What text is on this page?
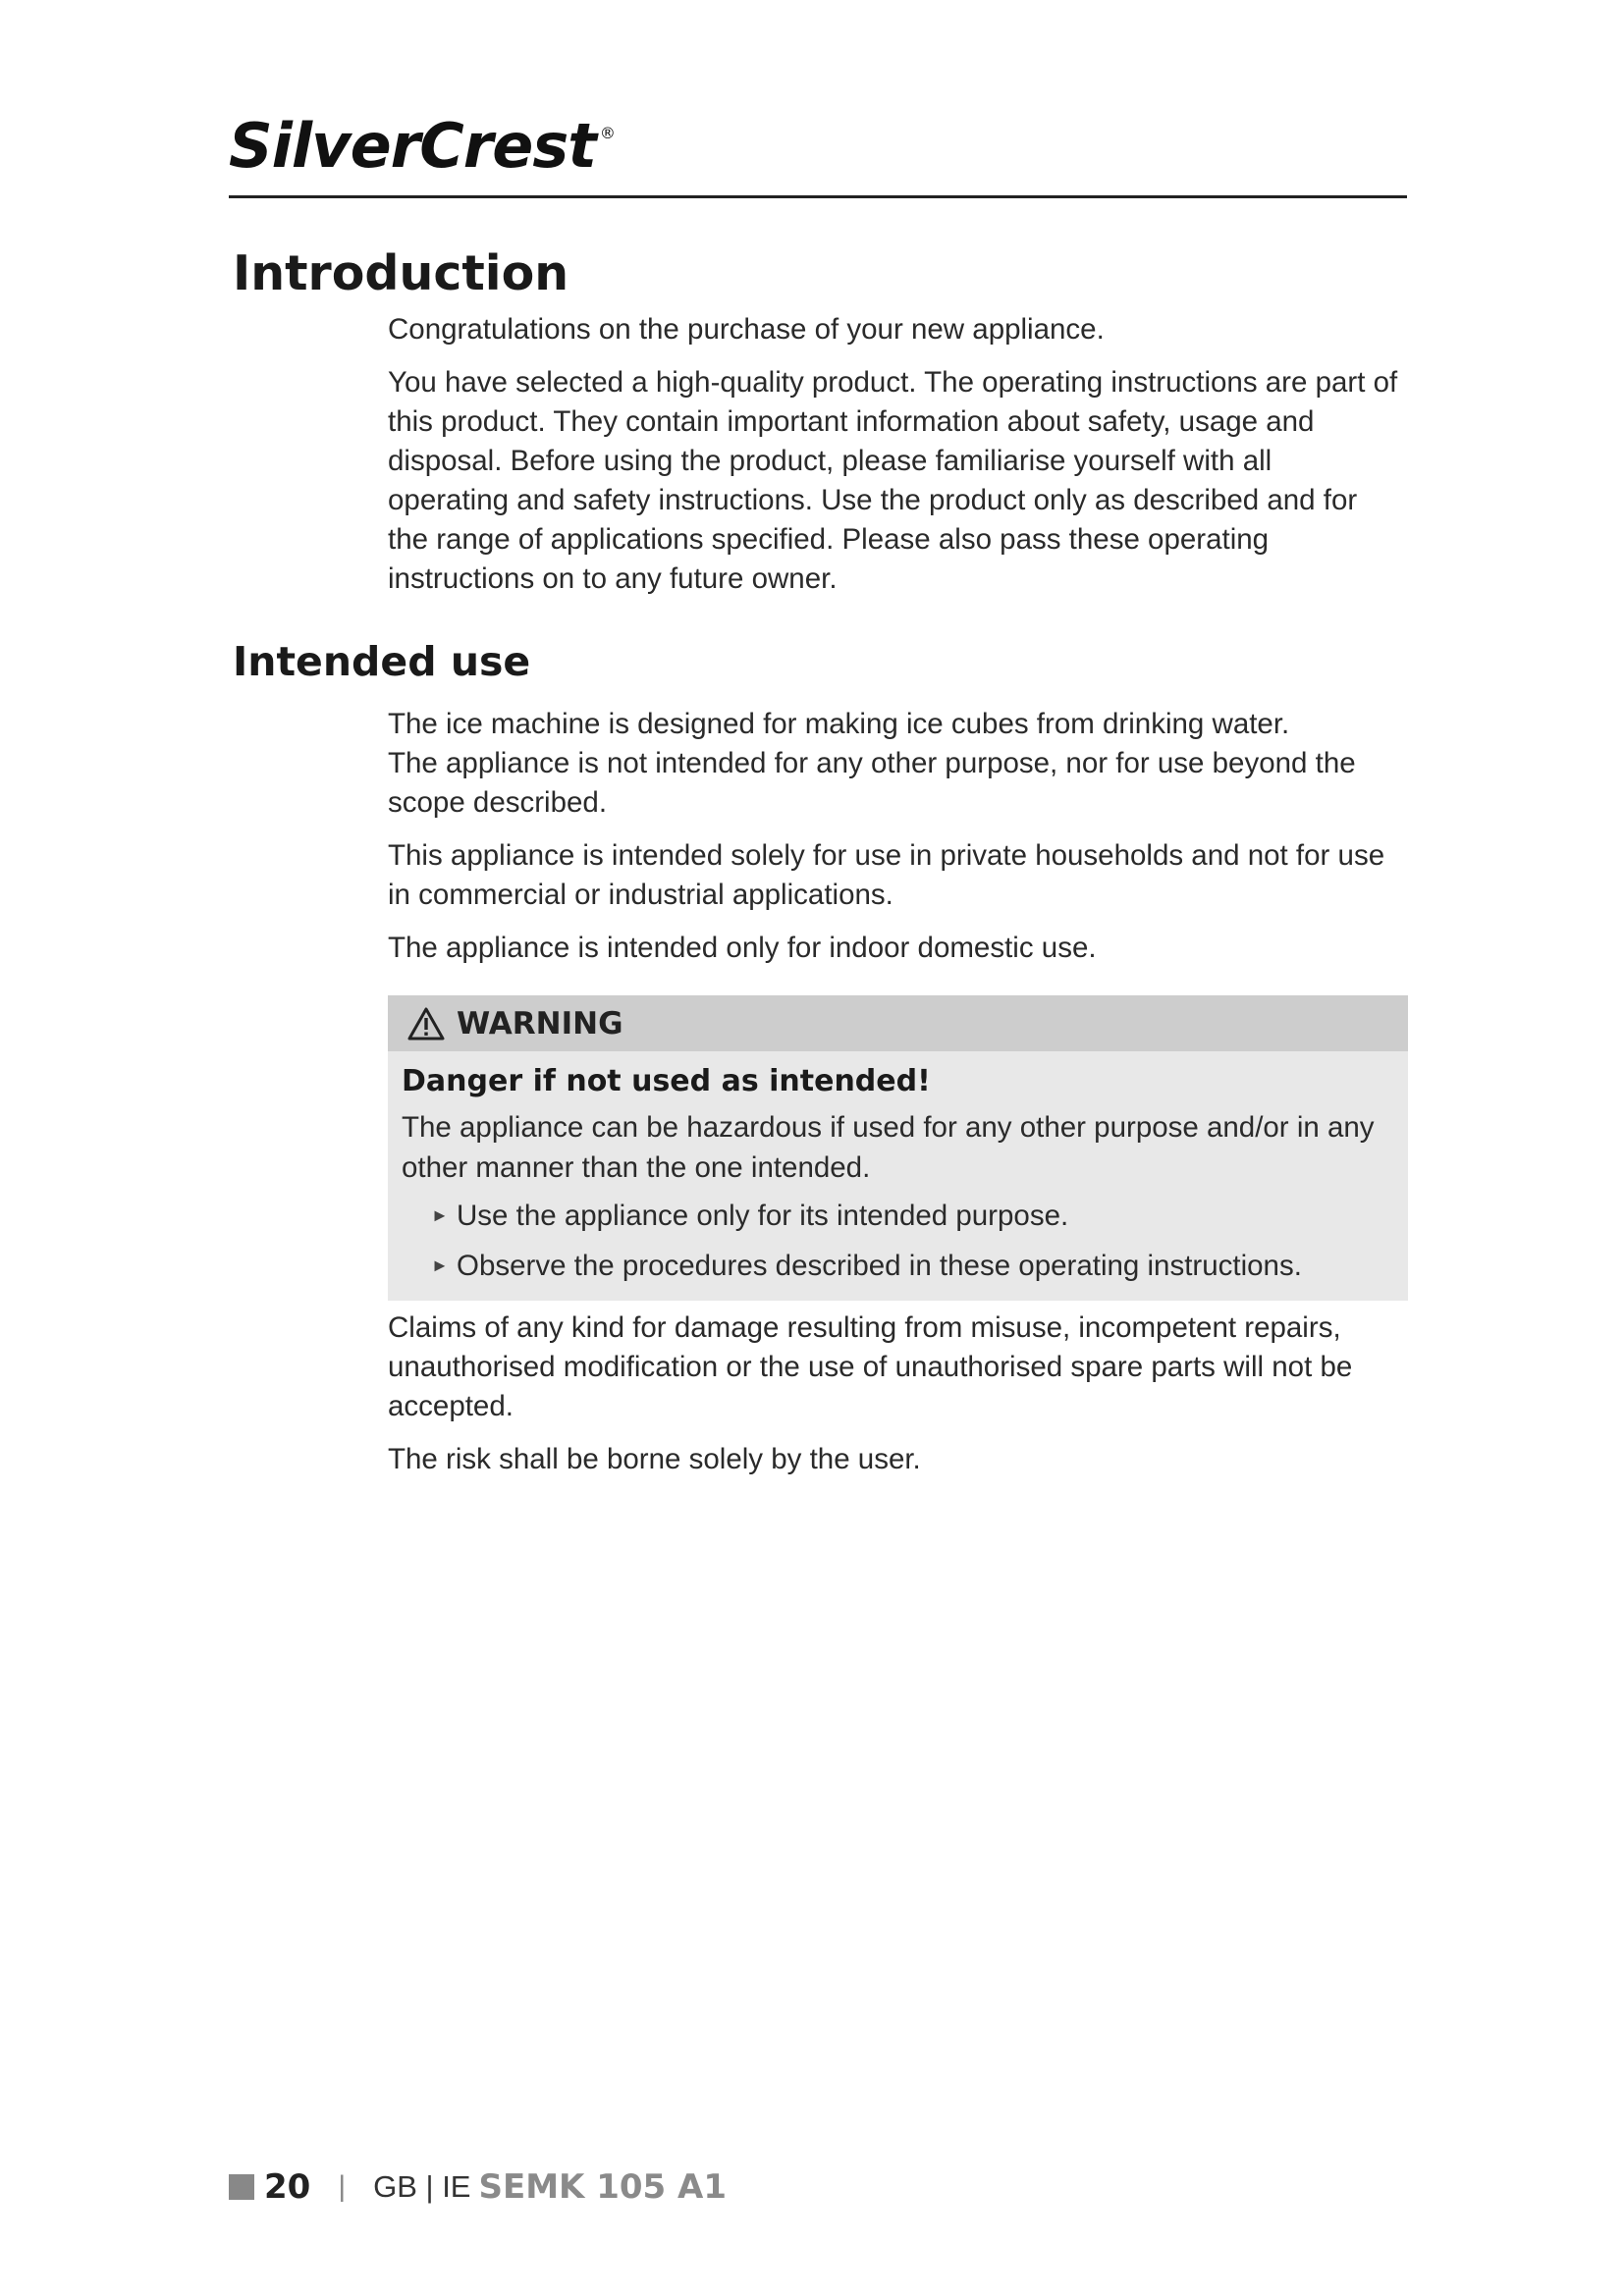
SilverCrest ®
Introduction

Congratulations on the purchase of your new appliance.

You have selected a high-quality product. The operating instructions are part of this product. They contain important information about safety, usage and disposal. Before using the product, please familiarise yourself with all operating and safety instructions. Use the product only as described and for the range of applications specified. Please also pass these operating instructions on to any future owner.

Intended use

The ice machine is designed for making ice cubes from drinking water.
The appliance is not intended for any other purpose, nor for use beyond the scope described.

This appliance is intended solely for use in private households and not for use in commercial or industrial applications.

The appliance is intended only for indoor domestic use.

WARNING
Danger if not used as intended!

The appliance can be hazardous if used for any other purpose and/or in any other manner than the one intended.

► Use the appliance only for its intended purpose.
► Observe the procedures described in these operating instructions.

Claims of any kind for damage resulting from misuse, incompetent repairs, unauthorised modification or the use of unauthorised spare parts will not be accepted.

The risk shall be borne solely by the user.

20 | GB | IE SEMK 105 A1
